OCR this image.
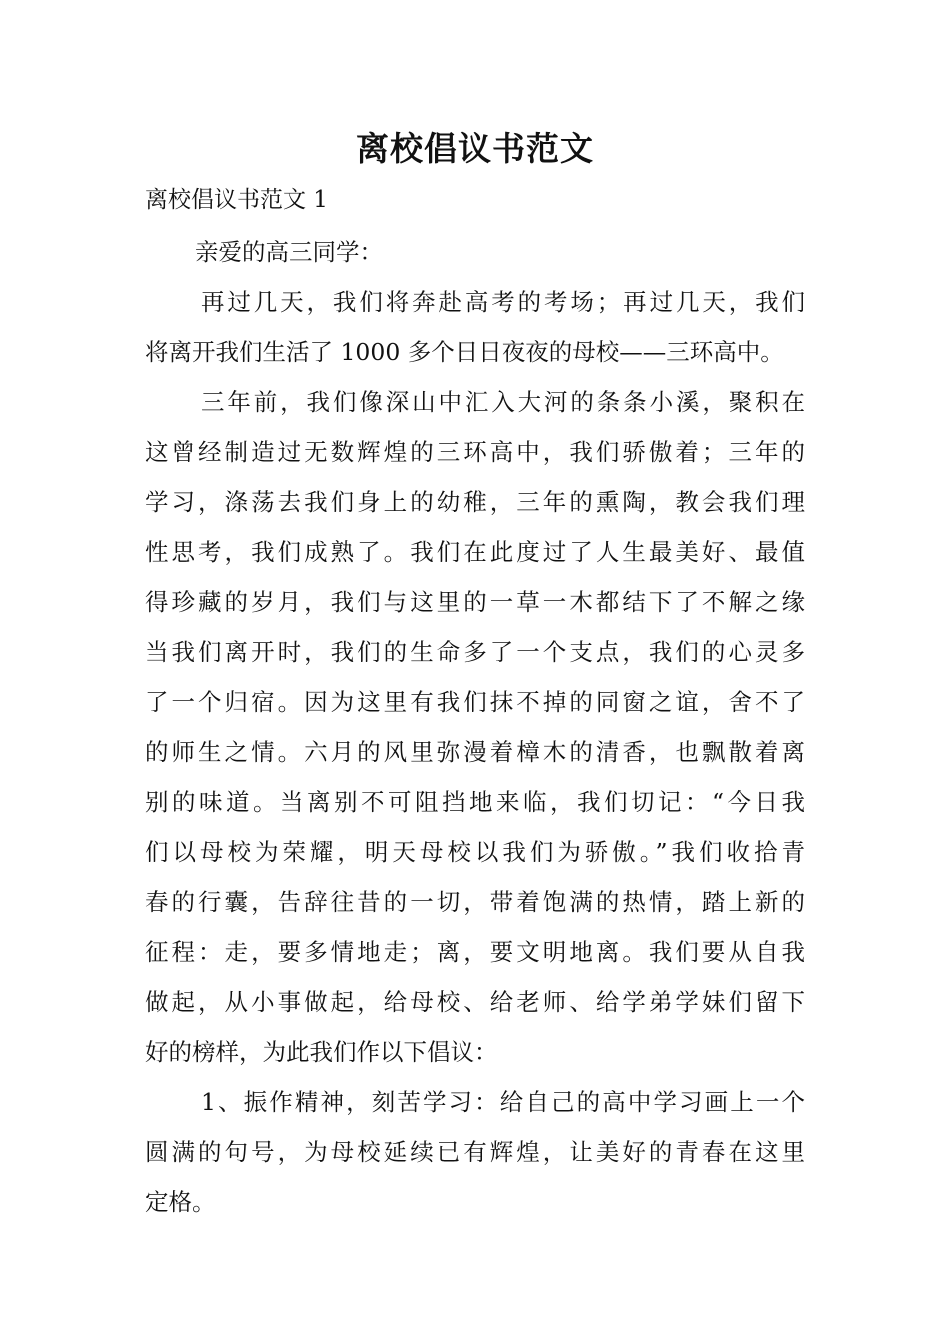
离校倡议书范文
离校倡议书范文 1
亲爱的高三同学：
再过几天，我们将奔赴高考的考场；再过几天，我们
将离开我们生活了 1000 多个日日夜夜的母校——三环高中。
三年前，我们像深山中汇入大河的条条小溪，聚积在
这曾经制造过无数辉煌的三环高中，我们骄傲着；三年的
学习，涤荡去我们身上的幼稚，三年的熏陶，教会我们理
性思考，我们成熟了。我们在此度过了人生最美好、最值
得珍藏的岁月，我们与这里的一草一木都结下了不解之缘
当我们离开时，我们的生命多了一个支点，我们的心灵多
了一个归宿。因为这里有我们抹不掉的同窗之谊，舍不了
的师生之情。六月的风里弥漫着樟木的清香，也飘散着离
别的味道。当离别不可阻挡地来临，我们切记：“今日我
们以母校为荣耀，明天母校以我们为骄傲。”我们收拾青
春的行囊，告辞往昔的一切，带着饱满的热情，踏上新的
征程：走，要多情地走；离，要文明地离。我们要从自我
做起，从小事做起，给母校、给老师、给学弟学妹们留下
好的榜样，为此我们作以下倡议：
1、振作精神，刻苦学习：给自己的高中学习画上一个
圆满的句号，为母校延续已有辉煌，让美好的青春在这里
定格。
